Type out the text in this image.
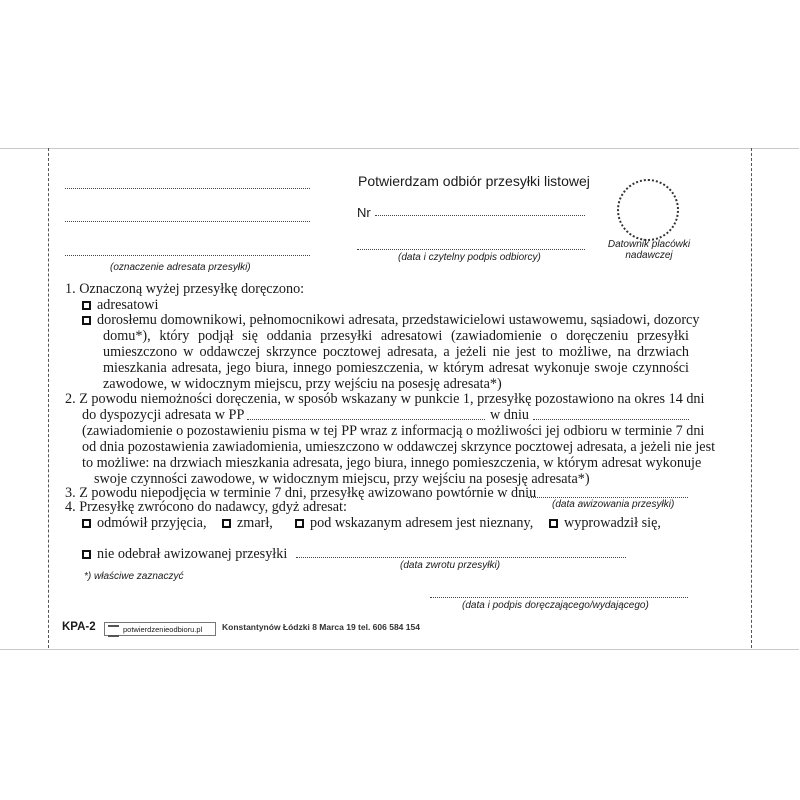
(oznaczenie adresata przesyłki)
Potwierdzam odbiór przesyłki listowej
Nr
(data i czytelny podpis odbiorcy)
Datownik placówki
nadawczej
1. Oznaczoną wyżej przesyłkę doręczono:
adresatowi
dorosłemu domownikowi, pełnomocnikowi adresata, przedstawicielowi ustawowemu, sąsiadowi, dozorcy
domu*), który podjął się oddania przesyłki adresatowi (zawiadomienie o doręczeniu przesyłki
umieszczono w oddawczej skrzynce pocztowej adresata, a jeżeli nie jest to możliwe, na drzwiach
mieszkania adresata, jego biura, innego pomieszczenia, w którym adresat wykonuje swoje czynności
zawodowe, w widocznym miejscu, przy wejściu na posesję adresata*)
2. Z powodu niemożności doręczenia, w sposób wskazany w punkcie 1, przesyłkę pozostawiono na okres 14 dni
do dyspozycji adresata w PP	w dniu
(zawiadomienie o pozostawieniu pisma w tej PP wraz z informacją o możliwości jej odbioru w terminie 7 dni
od dnia pozostawienia zawiadomienia, umieszczono w oddawczej skrzynce pocztowej adresata, a jeżeli nie jest
to możliwe: na drzwiach mieszkania adresata, jego biura, innego pomieszczenia, w którym adresat wykonuje
swoje czynności zawodowe, w widocznym miejscu, przy wejściu na posesję adresata*)
3. Z powodu niepodjęcia w terminie 7 dni, przesyłkę awizowano powtórnie w dniu
(data awizowania przesyłki)
4. Przesyłkę zwrócono do nadawcy, gdyż adresat:
odmówił przyjęcia,	zmarł,	pod wskazanym adresem jest nieznany,	wyprowadził się,
nie odebrał awizowanej przesyłki
(data zwrotu przesyłki)
*) właściwe zaznaczyć
(data i podpis doręczającego/wydającego)
KPA-2	potwierdzenieodbioru.pl	Konstantynów Łódzki 8 Marca 19 tel. 606 584 154
